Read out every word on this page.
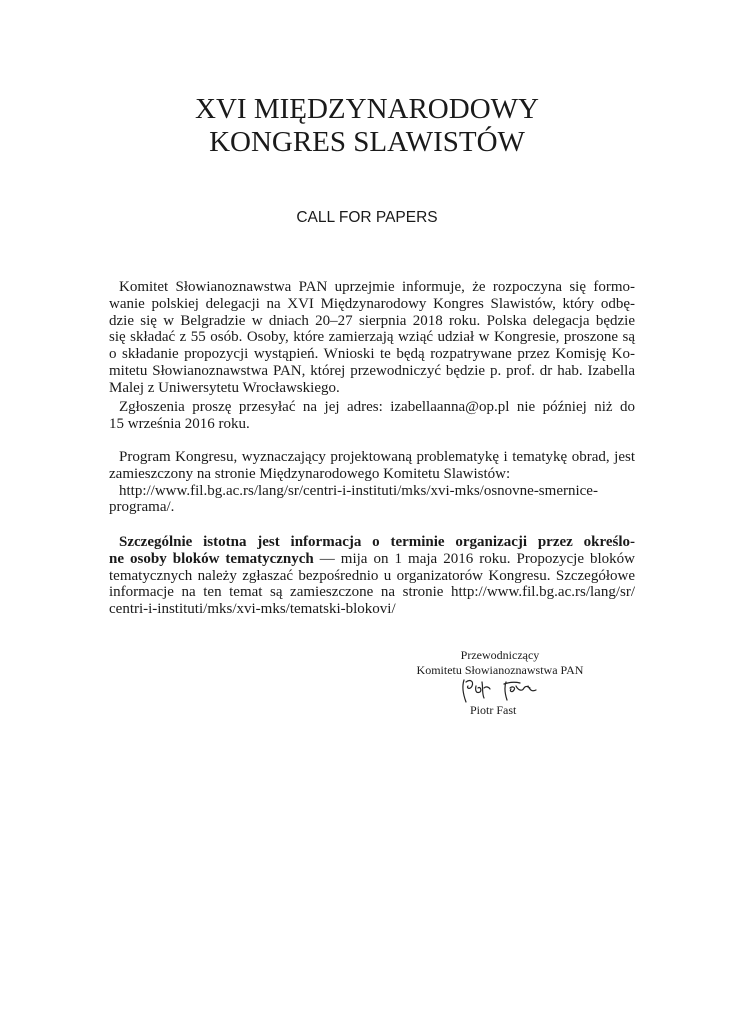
XVI MIĘDZYNARODOWY
KONGRES SLAWISTÓW
CALL FOR PAPERS
Komitet Słowianoznawstwa PAN uprzejmie informuje, że rozpoczyna się formo-
wanie polskiej delegacji na XVI Międzynarodowy Kongres Slawistów, który odbę-
dzie się w Belgradzie w dniach 20–27 sierpnia 2018 roku. Polska delegacja będzie
się składać z 55 osób. Osoby, które zamierzają wziąć udział w Kongresie, proszone są
o składanie propozycji wystąpień. Wnioski te będą rozpatrywane przez Komisję Ko-
mitetu Słowianoznawstwa PAN, której przewodniczyć będzie p. prof. dr hab. Izabella
Malej z Uniwersytetu Wrocławskiego.
Zgłoszenia proszę przesyłać na jej adres: izabellaanna@op.pl nie później niż do
15 września 2016 roku.
Program Kongresu, wyznaczający projektowaną problematykę i tematykę obrad, jest
zamieszczony na stronie Międzynarodowego Komitetu Slawistów:
http://www.fil.bg.ac.rs/lang/sr/centri-i-instituti/mks/xvi-mks/osnovne-smernice-
programa/.
Szczególnie istotna jest informacja o terminie organizacji przez określo-
ne osoby bloków tematycznych — mija on 1 maja 2016 roku. Propozycje bloków
tematycznych należy zgłaszać bezpośrednio u organizatorów Kongresu. Szczegółowe
informacje na ten temat są zamieszczone na stronie http://www.fil.bg.ac.rs/lang/sr/
centri-i-instituti/mks/xvi-mks/tematski-blokovi/
Przewodniczący
Komitetu Słowianoznawstwa PAN
Piotr Fast
